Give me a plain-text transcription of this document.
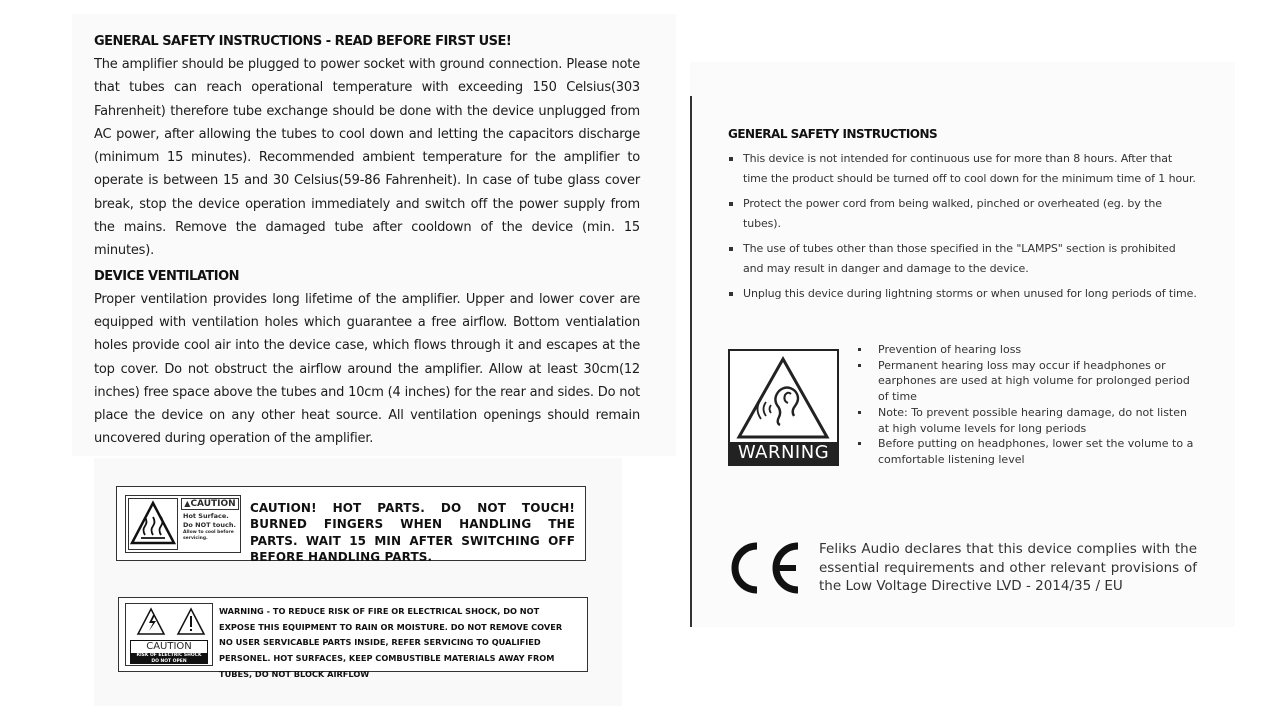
GENERAL SAFETY INSTRUCTIONS - READ BEFORE FIRST USE!

The amplifier should be plugged to power socket with ground connection. Please note that tubes can reach operational temperature with exceeding 150 Celsius(303 Fahrenheit) therefore tube exchange should be done with the device unplugged from AC power, after allowing the tubes to cool down and letting the capacitors discharge (minimum 15 minutes). Recommended ambient temperature for the amplifier to operate is between 15 and 30 Celsius(59-86 Fahrenheit). In case of tube glass cover break, stop the device operation immediately and switch off the power supply from the mains. Remove the damaged tube after cooldown of the device (min. 15 minutes).

DEVICE VENTILATION

Proper ventilation provides long lifetime of the amplifier. Upper and lower cover are equipped with ventilation holes which guarantee a free airflow. Bottom ventialation holes provide cool air into the device case, which flows through it and escapes at the top cover. Do not obstruct the airflow around the amplifier. Allow at least 30cm(12 inches) free space above the tubes and 10cm (4 inches) for the rear and sides. Do not place the device on any other heat source. All ventilation openings should remain uncovered during operation of the amplifier.

▲CAUTION
Hot Surface.
Do NOT touch.
Allow to cool before servicing.
CAUTION! HOT PARTS. DO NOT TOUCH! BURNED FINGERS WHEN HANDLING THE PARTS. WAIT 15 MIN AFTER SWITCHING OFF BEFORE HANDLING PARTS.
CAUTION
RISK OF ELECTRIC SHOCK
DO NOT OPEN
WARNING - TO REDUCE RISK OF FIRE OR ELECTRICAL SHOCK, DO NOT EXPOSE THIS EQUIPMENT TO RAIN OR MOISTURE. DO NOT REMOVE COVER NO USER SERVICABLE PARTS INSIDE, REFER SERVICING TO QUALIFIED PERSONEL. HOT SURFACES, KEEP COMBUSTIBLE MATERIALS AWAY FROM TUBES, DO NOT BLOCK AIRFLOW
GENERAL SAFETY INSTRUCTIONS
This device is not intended for continuous use for more than 8 hours. After that time the product should be turned off to cool down for the minimum time of 1 hour.
Protect the power cord from being walked, pinched or overheated (eg. by the tubes).
The use of tubes other than those specified in the "LAMPS" section is prohibited and may result in danger and damage to the device.
Unplug this device during lightning storms or when unused for long periods of time.
WARNING
Prevention of hearing loss
Permanent hearing loss may occur if headphones or earphones are used at high volume for prolonged period of time
Note: To prevent possible hearing damage, do not listen at high volume levels for long periods
Before putting on headphones, lower set the volume to a comfortable listening level
Feliks Audio declares that this device complies with the essential requirements and other relevant provisions of the Low Voltage Directive LVD - 2014/35 / EU
